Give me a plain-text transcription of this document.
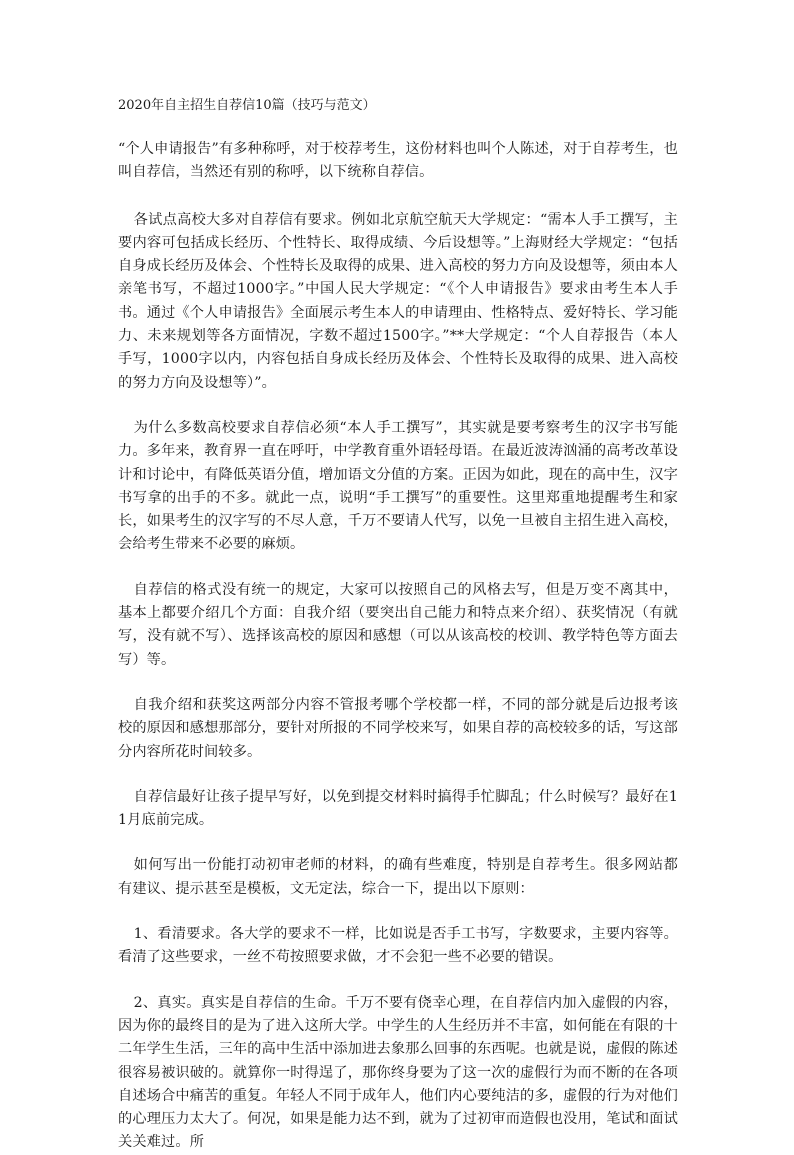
2020年自主招生自荐信10篇（技巧与范文）

“个人申请报告”有多种称呼，对于校荐考生，这份材料也叫个人陈述，对于自荐考生，也叫自荐信，当然还有别的称呼，以下统称自荐信。

各试点高校大多对自荐信有要求。例如北京航空航天大学规定：“需本人手工撰写，主要内容可包括成长经历、个性特长、取得成绩、今后设想等。”上海财经大学规定：“包括自身成长经历及体会、个性特长及取得的成果、进入高校的努力方向及设想等，须由本人亲笔书写，不超过1000字。”中国人民大学规定：“《个人申请报告》要求由考生本人手书。通过《个人申请报告》全面展示考生本人的申请理由、性格特点、爱好特长、学习能力、未来规划等各方面情况，字数不超过1500字。”**大学规定：“个人自荐报告（本人手写，1000字以内，内容包括自身成长经历及体会、个性特长及取得的成果、进入高校的努力方向及设想等）”。

为什么多数高校要求自荐信必须“本人手工撰写”，其实就是要考察考生的汉字书写能力。多年来，教育界一直在呼吁，中学教育重外语轻母语。在最近波涛汹涌的高考改革设计和讨论中，有降低英语分值，增加语文分值的方案。正因为如此，现在的高中生，汉字书写拿的出手的不多。就此一点，说明“手工撰写”的重要性。这里郑重地提醒考生和家长，如果考生的汉字写的不尽人意，千万不要请人代写，以免一旦被自主招生进入高校，会给考生带来不必要的麻烦。

自荐信的格式没有统一的规定，大家可以按照自己的风格去写，但是万变不离其中，基本上都要介绍几个方面：自我介绍（要突出自己能力和特点来介绍）、获奖情况（有就写，没有就不写）、选择该高校的原因和感想（可以从该高校的校训、教学特色等方面去写）等。

自我介绍和获奖这两部分内容不管报考哪个学校都一样，不同的部分就是后边报考该校的原因和感想那部分，要针对所报的不同学校来写，如果自荐的高校较多的话，写这部分内容所花时间较多。

自荐信最好让孩子提早写好，以免到提交材料时搞得手忙脚乱；什么时候写？最好在11月底前完成。

如何写出一份能打动初审老师的材料，的确有些难度，特别是自荐考生。很多网站都有建议、提示甚至是模板，文无定法，综合一下，提出以下原则：

1、看清要求。各大学的要求不一样，比如说是否手工书写，字数要求，主要内容等。看清了这些要求，一丝不苟按照要求做，才不会犯一些不必要的错误。

2、真实。真实是自荐信的生命。千万不要有侥幸心理，在自荐信内加入虚假的内容，因为你的最终目的是为了进入这所大学。中学生的人生经历并不丰富，如何能在有限的十二年学生生活，三年的高中生活中添加进去象那么回事的东西呢。也就是说，虚假的陈述很容易被识破的。就算你一时得逞了，那你终身要为了这一次的虚假行为而不断的在各项自述场合中痛苦的重复。年轻人不同于成年人，他们内心要纯洁的多，虚假的行为对他们的心理压力太大了。何况，如果是能力达不到，就为了过初审而造假也没用，笔试和面试关关难过。所
